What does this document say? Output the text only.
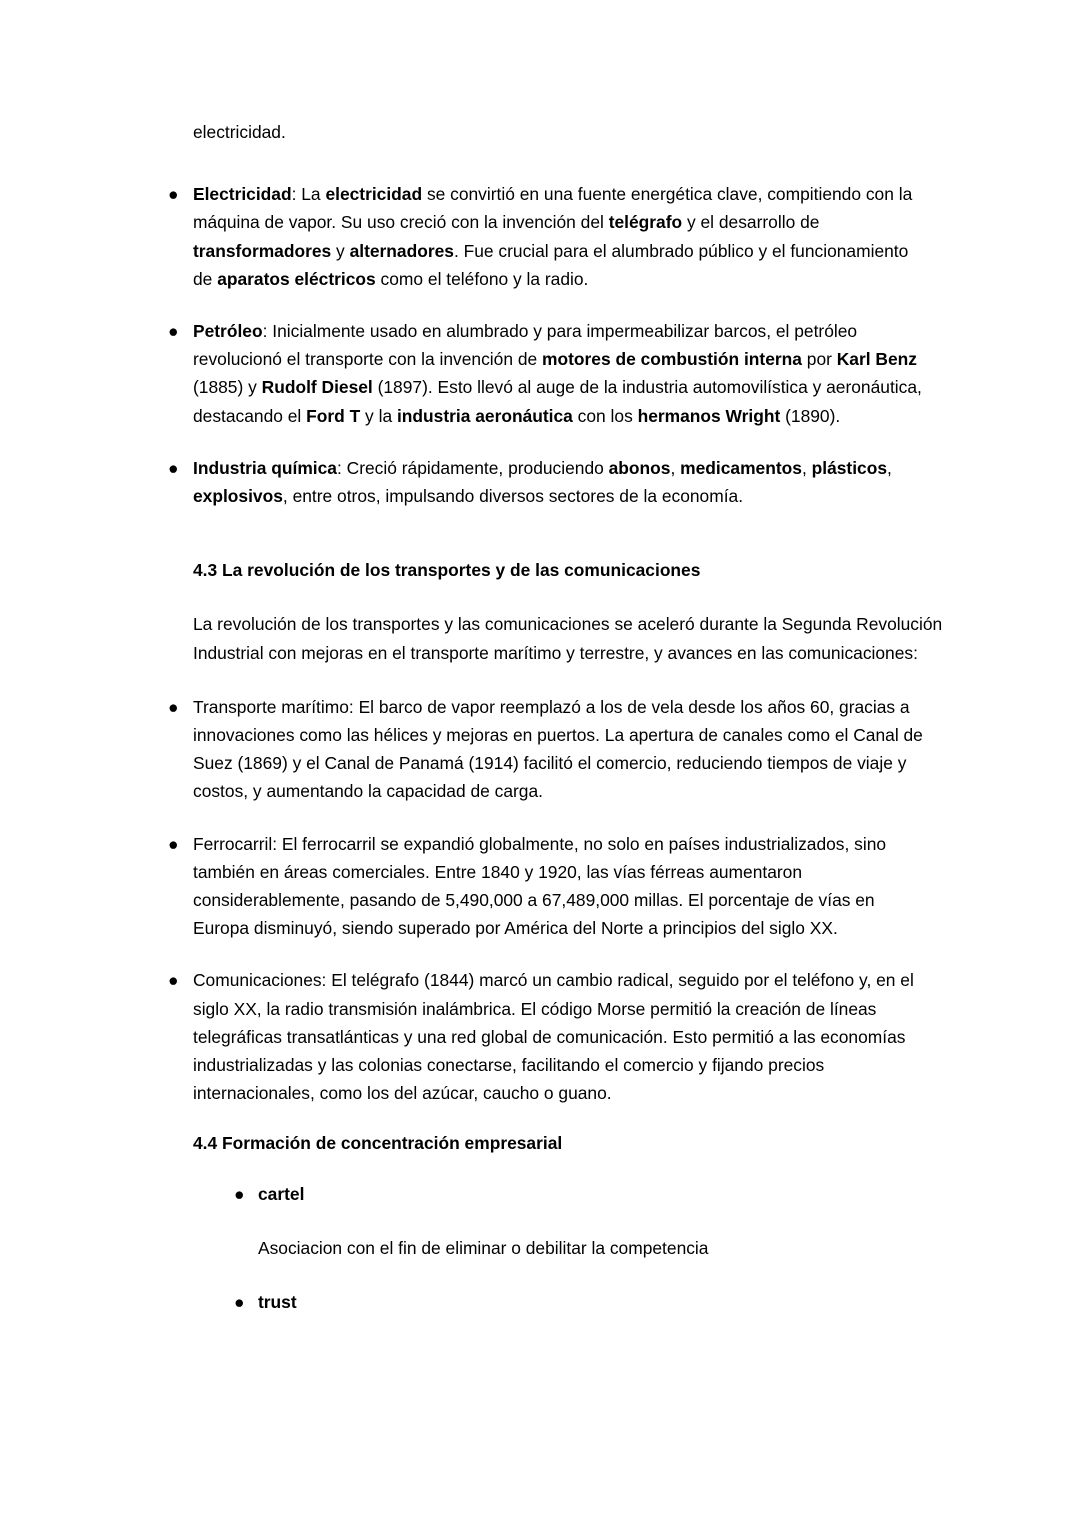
electricidad.

● Electricidad: La electricidad se convirtió en una fuente energética clave, compitiendo con la máquina de vapor. Su uso creció con la invención del telégrafo y el desarrollo de transformadores y alternadores. Fue crucial para el alumbrado público y el funcionamiento de aparatos eléctricos como el teléfono y la radio.
● Petróleo: Inicialmente usado en alumbrado y para impermeabilizar barcos, el petróleo revolucionó el transporte con la invención de motores de combustión interna por Karl Benz (1885) y Rudolf Diesel (1897). Esto llevó al auge de la industria automovilística y aeronáutica, destacando el Ford T y la industria aeronáutica con los hermanos Wright (1890).
● Industria química: Creció rápidamente, produciendo abonos, medicamentos, plásticos, explosivos, entre otros, impulsando diversos sectores de la economía.
4.3 La revolución de los transportes y de las comunicaciones

La revolución de los transportes y las comunicaciones se aceleró durante la Segunda Revolución Industrial con mejoras en el transporte marítimo y terrestre, y avances en las comunicaciones:

● Transporte marítimo: El barco de vapor reemplazó a los de vela desde los años 60, gracias a innovaciones como las hélices y mejoras en puertos. La apertura de canales como el Canal de Suez (1869) y el Canal de Panamá (1914) facilitó el comercio, reduciendo tiempos de viaje y costos, y aumentando la capacidad de carga.
● Ferrocarril: El ferrocarril se expandió globalmente, no solo en países industrializados, sino también en áreas comerciales. Entre 1840 y 1920, las vías férreas aumentaron considerablemente, pasando de 5,490,000 a 67,489,000 millas. El porcentaje de vías en Europa disminuyó, siendo superado por América del Norte a principios del siglo XX.
● Comunicaciones: El telégrafo (1844) marcó un cambio radical, seguido por el teléfono y, en el siglo XX, la radio transmisión inalámbrica. El código Morse permitió la creación de líneas telegráficas transatlánticas y una red global de comunicación. Esto permitió a las economías industrializadas y las colonias conectarse, facilitando el comercio y fijando precios internacionales, como los del azúcar, caucho o guano.
4.4 Formación de concentración empresarial
● cartel

Asociacion con el fin de eliminar o debilitar la competencia

● trust
